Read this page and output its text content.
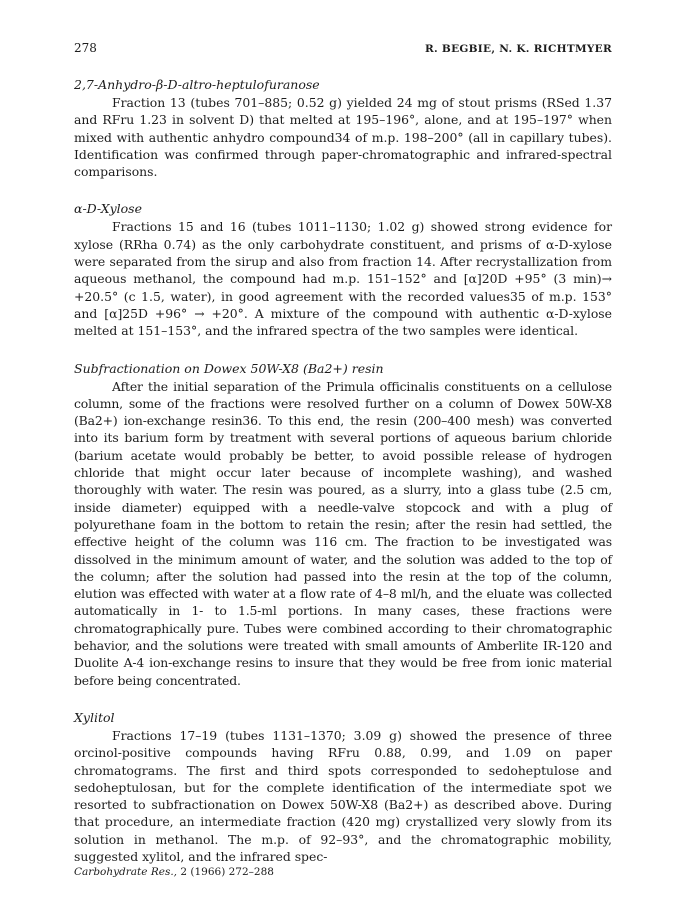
278	R. BEGBIE, N. K. RICHTMYER

2,7-Anhydro-β-D-altro-heptulofuranose

Fraction 13 (tubes 701–885; 0.52 g) yielded 24 mg of stout prisms (RSed 1.37 and RFru 1.23 in solvent D) that melted at 195–196°, alone, and at 195–197° when mixed with authentic anhydro compound34 of m.p. 198–200° (all in capillary tubes). Identification was confirmed through paper-chromatographic and infrared-spectral comparisons.

α-D-Xylose

Fractions 15 and 16 (tubes 1011–1130; 1.02 g) showed strong evidence for xylose (RRha 0.74) as the only carbohydrate constituent, and prisms of α-D-xylose were separated from the sirup and also from fraction 14. After recrystallization from aqueous methanol, the compound had m.p. 151–152° and [α]20D +95° (3 min)→ +20.5° (c 1.5, water), in good agreement with the recorded values35 of m.p. 153° and [α]25D +96° → +20°. A mixture of the compound with authentic α-D-xylose melted at 151–153°, and the infrared spectra of the two samples were identical.

Subfractionation on Dowex 50W-X8 (Ba2+) resin

After the initial separation of the Primula officinalis constituents on a cellulose column, some of the fractions were resolved further on a column of Dowex 50W-X8 (Ba2+) ion-exchange resin36. To this end, the resin (200–400 mesh) was converted into its barium form by treatment with several portions of aqueous barium chloride (barium acetate would probably be better, to avoid possible release of hydrogen chloride that might occur later because of incomplete washing), and washed thoroughly with water. The resin was poured, as a slurry, into a glass tube (2.5 cm, inside diameter) equipped with a needle-valve stopcock and with a plug of polyurethane foam in the bottom to retain the resin; after the resin had settled, the effective height of the column was 116 cm. The fraction to be investigated was dissolved in the minimum amount of water, and the solution was added to the top of the column; after the solution had passed into the resin at the top of the column, elution was effected with water at a flow rate of 4–8 ml/h, and the eluate was collected automatically in 1- to 1.5-ml portions. In many cases, these fractions were chromatographically pure. Tubes were combined according to their chromatographic behavior, and the solutions were treated with small amounts of Amberlite IR-120 and Duolite A-4 ion-exchange resins to insure that they would be free from ionic material before being concentrated.

Xylitol

Fractions 17–19 (tubes 1131–1370; 3.09 g) showed the presence of three orcinol-positive compounds having RFru 0.88, 0.99, and 1.09 on paper chromatograms. The first and third spots corresponded to sedoheptulose and sedoheptulosan, but for the complete identification of the intermediate spot we resorted to subfractionation on Dowex 50W-X8 (Ba2+) as described above. During that procedure, an intermediate fraction (420 mg) crystallized very slowly from its solution in methanol. The m.p. of 92–93°, and the chromatographic mobility, suggested xylitol, and the infrared spec-

Carbohydrate Res., 2 (1966) 272–288
